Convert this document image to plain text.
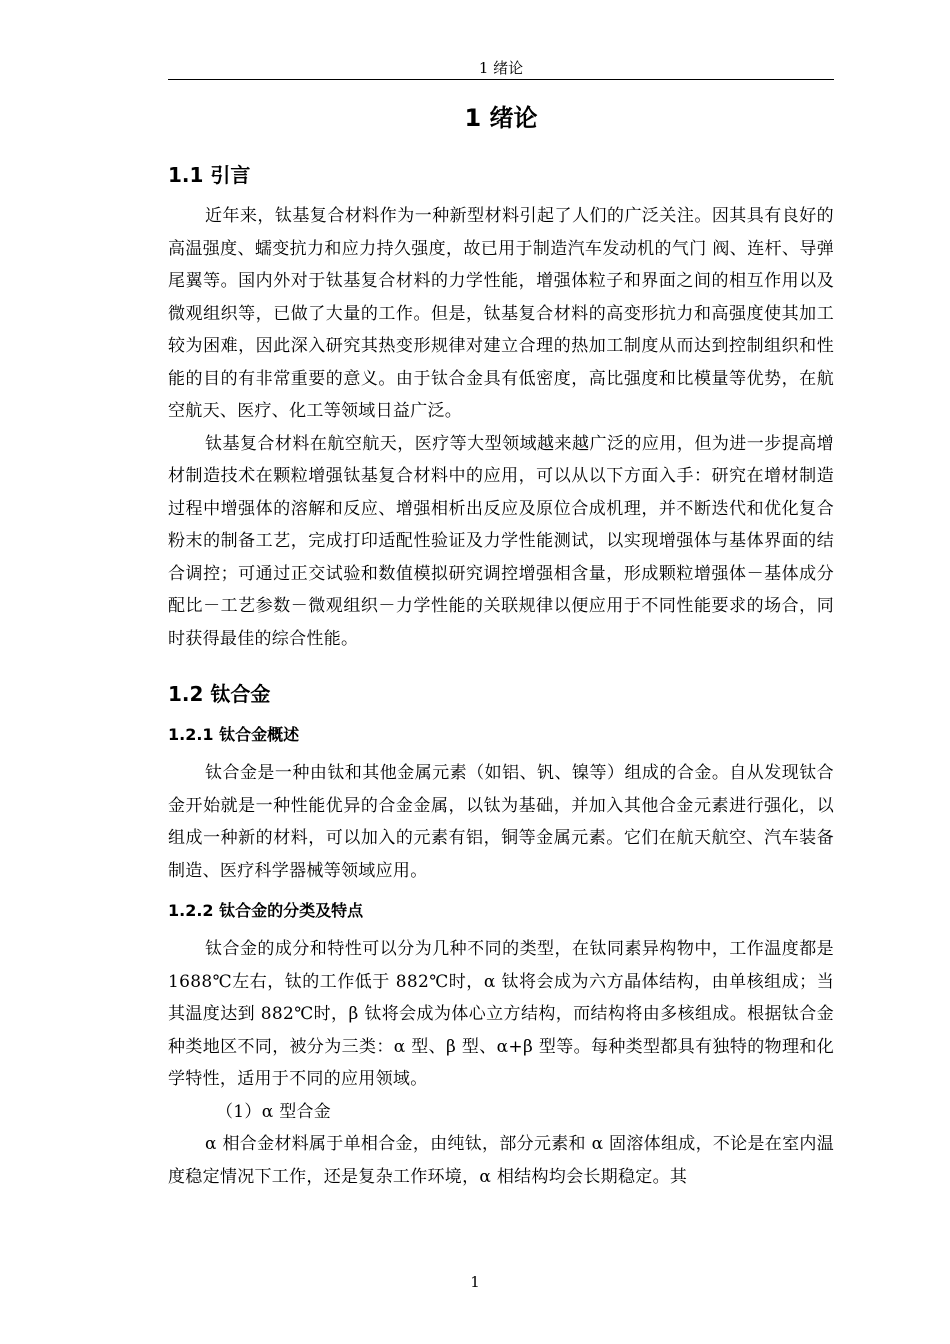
1 绪论
1 绪论
1.1 引言

近年来，钛基复合材料作为一种新型材料引起了人们的广泛关注。因其具有良好的高温强度、蠕变抗力和应力持久强度，故已用于制造汽车发动机的气门 阀、连杆、导弹尾翼等。国内外对于钛基复合材料的力学性能，增强体粒子和界面之间的相互作用以及微观组织等，已做了大量的工作。但是，钛基复合材料的高变形抗力和高强度使其加工较为困难，因此深入研究其热变形规律对建立合理的热加工制度从而达到控制组织和性能的目的有非常重要的意义。由于钛合金具有低密度，高比强度和比模量等优势，在航空航天、医疗、化工等领域日益广泛。

钛基复合材料在航空航天，医疗等大型领域越来越广泛的应用，但为进一步提高增材制造技术在颗粒增强钛基复合材料中的应用，可以从以下方面入手：研究在增材制造过程中增强体的溶解和反应、增强相析出反应及原位合成机理，并不断迭代和优化复合粉末的制备工艺，完成打印适配性验证及力学性能测试，以实现增强体与基体界面的结合调控；可通过正交试验和数值模拟研究调控增强相含量，形成颗粒增强体－基体成分配比－工艺参数－微观组织－力学性能的关联规律以便应用于不同性能要求的场合，同时获得最佳的综合性能。

1.2 钛合金
1.2.1 钛合金概述

钛合金是一种由钛和其他金属元素（如铝、钒、镍等）组成的合金。自从发现钛合金开始就是一种性能优异的合金金属，以钛为基础，并加入其他合金元素进行强化，以组成一种新的材料，可以加入的元素有铝，铜等金属元素。它们在航天航空、汽车装备制造、医疗科学器械等领域应用。

1.2.2 钛合金的分类及特点

钛合金的成分和特性可以分为几种不同的类型，在钛同素异构物中，工作温度都是 1688℃左右，钛的工作低于 882℃时，α 钛将会成为六方晶体结构，由单核组成；当其温度达到 882℃时，β 钛将会成为体心立方结构，而结构将由多核组成。根据钛合金种类地区不同，被分为三类：α 型、β 型、α+β 型等。每种类型都具有独特的物理和化学特性，适用于不同的应用领域。

（1）α 型合金

α 相合金材料属于单相合金，由纯钛，部分元素和 α 固溶体组成，不论是在室内温度稳定情况下工作，还是复杂工作环境，α 相结构均会长期稳定。其

1
